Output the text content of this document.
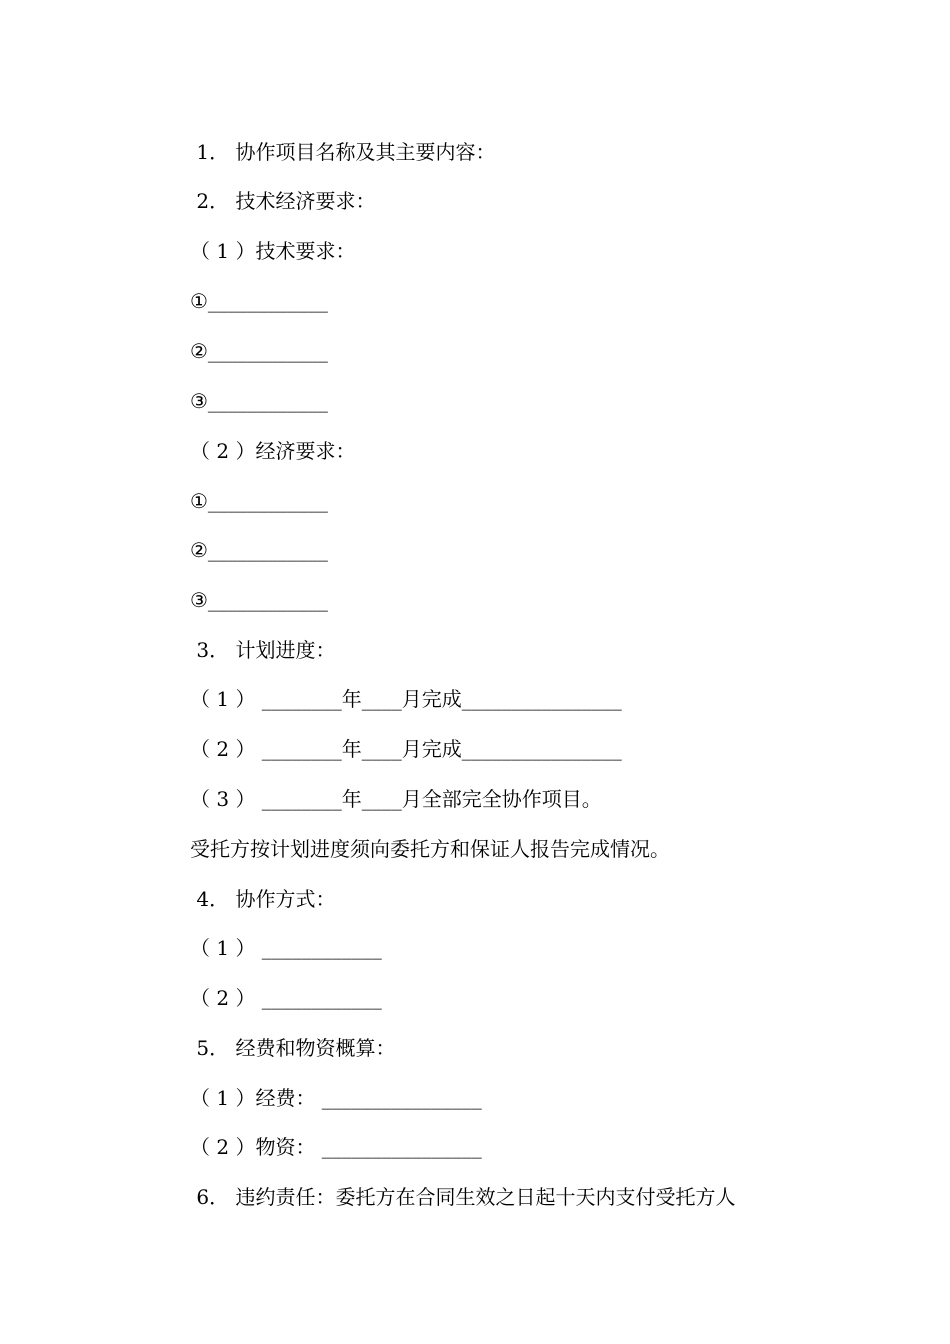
1． 协作项目名称及其主要内容：
2． 技术经济要求：
（ 1 ）技术要求：
①____________
②____________
③____________
（ 2 ）经济要求：
①____________
②____________
③____________
3． 计划进度：
（ 1 ） ________年____月完成________________
（ 2 ） ________年____月完成________________
（ 3 ） ________年____月全部完全协作项目。
受托方按计划进度须向委托方和保证人报告完成情况。
4． 协作方式：
（ 1 ） ____________
（ 2 ） ____________
5． 经费和物资概算：
（ 1 ）经费： ________________
（ 2 ）物资： ________________
6． 违约责任：委托方在合同生效之日起十天内支付受托方人
